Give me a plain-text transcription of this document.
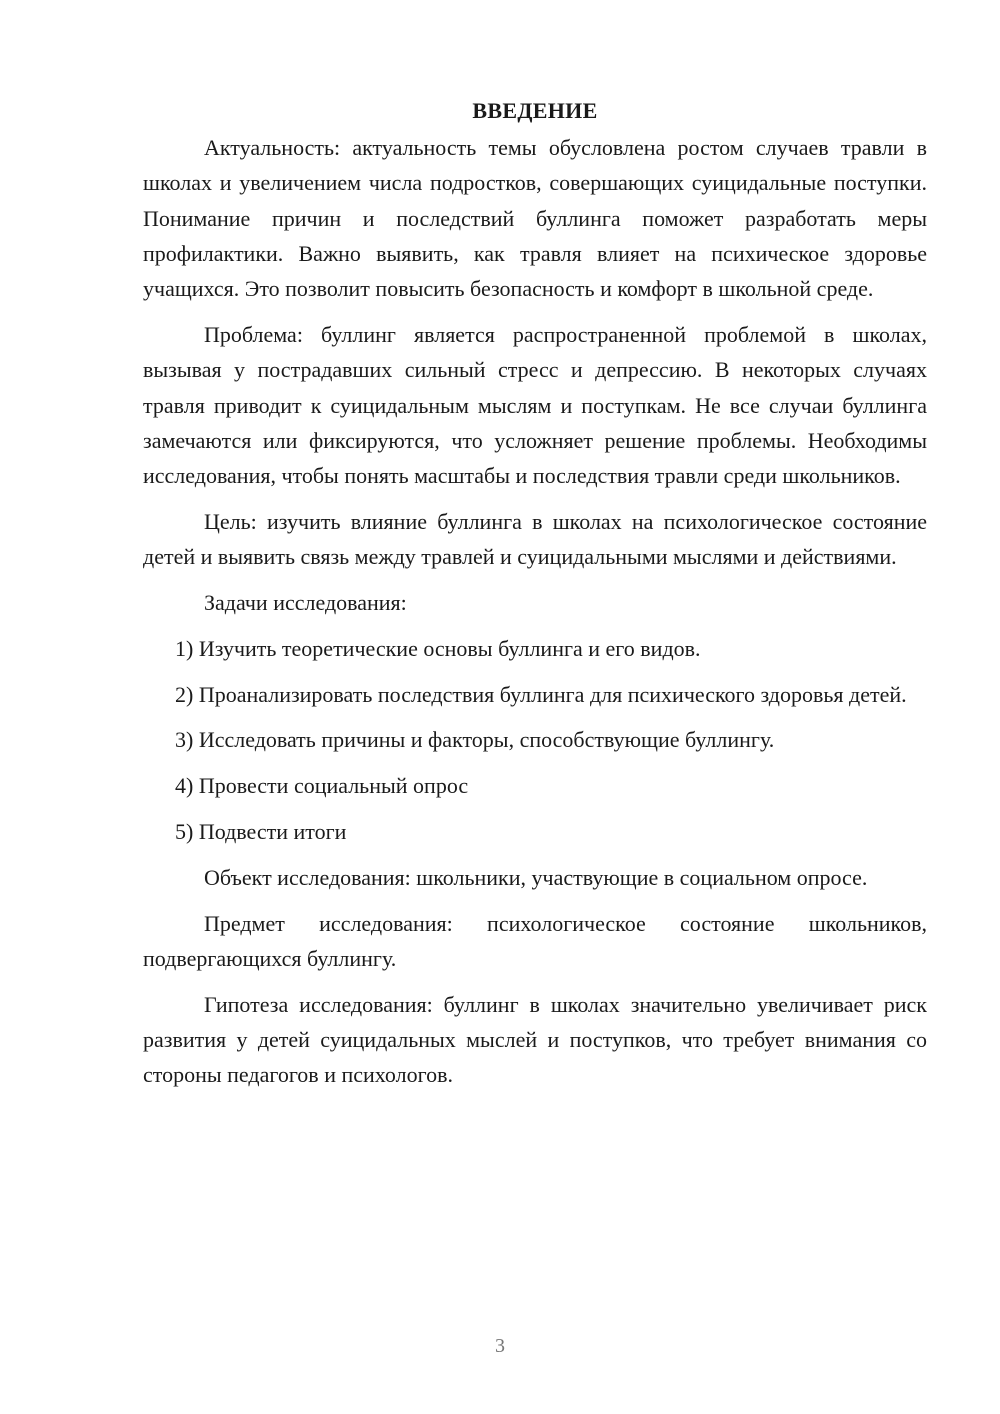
ВВЕДЕНИЕ

Актуальность: актуальность темы обусловлена ростом случаев травли в школах и увеличением числа подростков, совершающих суицидальные поступки. Понимание причин и последствий буллинга поможет разработать меры профилактики. Важно выявить, как травля влияет на психическое здоровье учащихся. Это позволит повысить безопасность и комфорт в школьной среде.

Проблема: буллинг является распространенной проблемой в школах, вызывая у пострадавших сильный стресс и депрессию. В некоторых случаях травля приводит к суицидальным мыслям и поступкам. Не все случаи буллинга замечаются или фиксируются, что усложняет решение проблемы. Необходимы исследования, чтобы понять масштабы и последствия травли среди школьников.

Цель: изучить влияние буллинга в школах на психологическое состояние детей и выявить связь между травлей и суицидальными мыслями и действиями.

Задачи исследования:

1) Изучить теоретические основы буллинга и его видов.

2) Проанализировать последствия буллинга для психического здоровья детей.

3) Исследовать причины и факторы, способствующие буллингу.

4) Провести социальный опрос

5) Подвести итоги

Объект исследования: школьники, участвующие в социальном опросе.

Предмет исследования: психологическое состояние школьников, подвергающихся буллингу.

Гипотеза исследования: буллинг в школах значительно увеличивает риск развития у детей суицидальных мыслей и поступков, что требует внимания со стороны педагогов и психологов.

3
